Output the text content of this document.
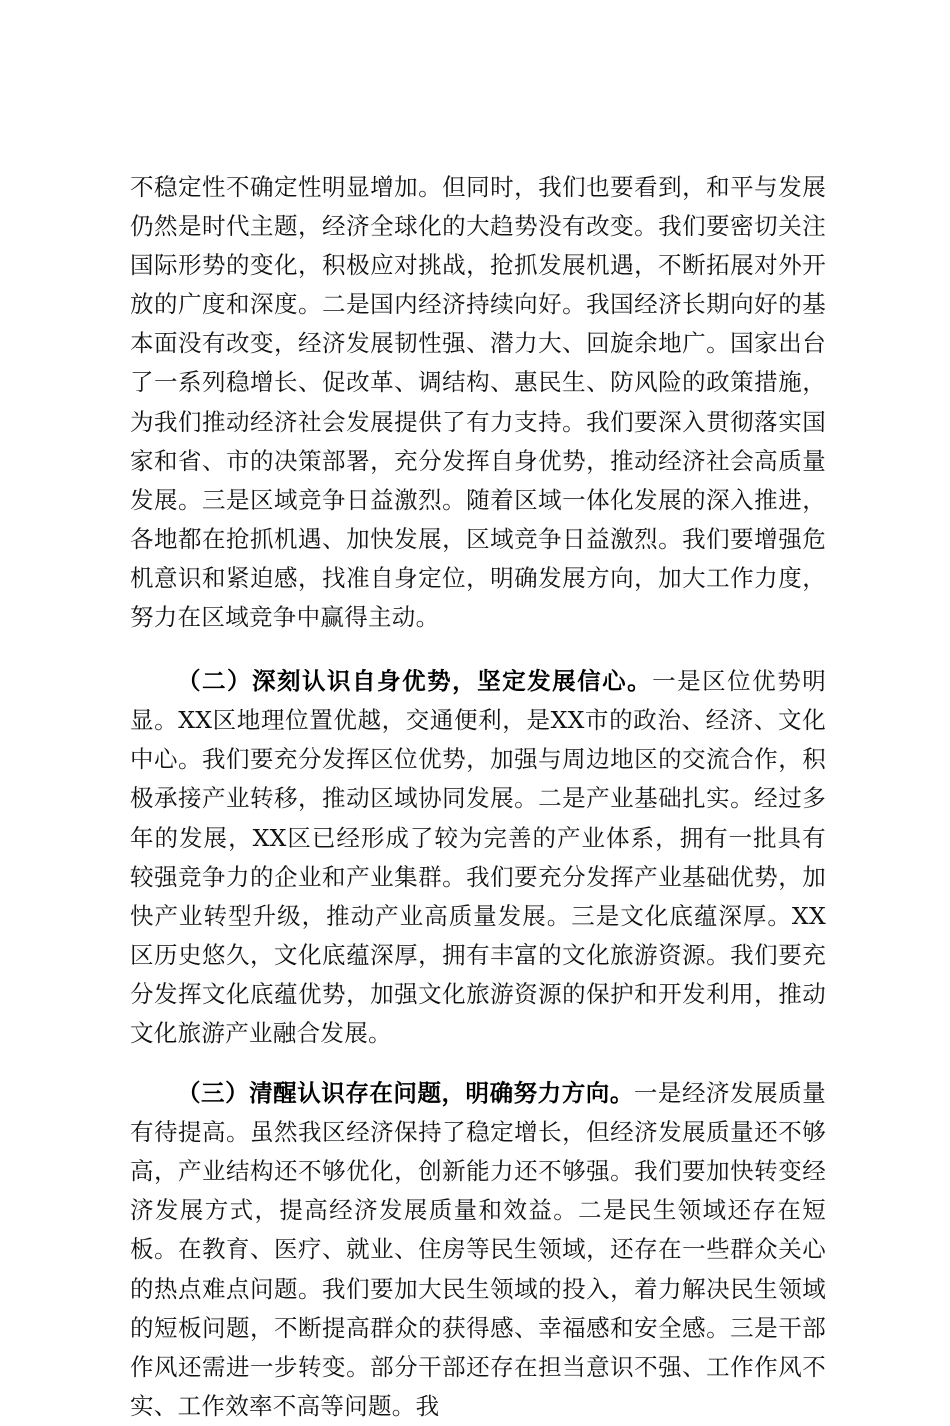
不稳定性不确定性明显增加。但同时，我们也要看到，和平与发展仍然是时代主题，经济全球化的大趋势没有改变。我们要密切关注国际形势的变化，积极应对挑战，抢抓发展机遇，不断拓展对外开放的广度和深度。二是国内经济持续向好。我国经济长期向好的基本面没有改变，经济发展韧性强、潜力大、回旋余地广。国家出台了一系列稳增长、促改革、调结构、惠民生、防风险的政策措施，为我们推动经济社会发展提供了有力支持。我们要深入贯彻落实国家和省、市的决策部署，充分发挥自身优势，推动经济社会高质量发展。三是区域竞争日益激烈。随着区域一体化发展的深入推进，各地都在抢抓机遇、加快发展，区域竞争日益激烈。我们要增强危机意识和紧迫感，找准自身定位，明确发展方向，加大工作力度，努力在区域竞争中赢得主动。

（二）深刻认识自身优势，坚定发展信心。一是区位优势明显。XX区地理位置优越，交通便利，是XX市的政治、经济、文化中心。我们要充分发挥区位优势，加强与周边地区的交流合作，积极承接产业转移，推动区域协同发展。二是产业基础扎实。经过多年的发展，XX区已经形成了较为完善的产业体系，拥有一批具有较强竞争力的企业和产业集群。我们要充分发挥产业基础优势，加快产业转型升级，推动产业高质量发展。三是文化底蕴深厚。XX区历史悠久，文化底蕴深厚，拥有丰富的文化旅游资源。我们要充分发挥文化底蕴优势，加强文化旅游资源的保护和开发利用，推动文化旅游产业融合发展。

（三）清醒认识存在问题，明确努力方向。一是经济发展质量有待提高。虽然我区经济保持了稳定增长，但经济发展质量还不够高，产业结构还不够优化，创新能力还不够强。我们要加快转变经济发展方式，提高经济发展质量和效益。二是民生领域还存在短板。在教育、医疗、就业、住房等民生领域，还存在一些群众关心的热点难点问题。我们要加大民生领域的投入，着力解决民生领域的短板问题，不断提高群众的获得感、幸福感和安全感。三是干部作风还需进一步转变。部分干部还存在担当意识不强、工作作风不实、工作效率不高等问题。我
